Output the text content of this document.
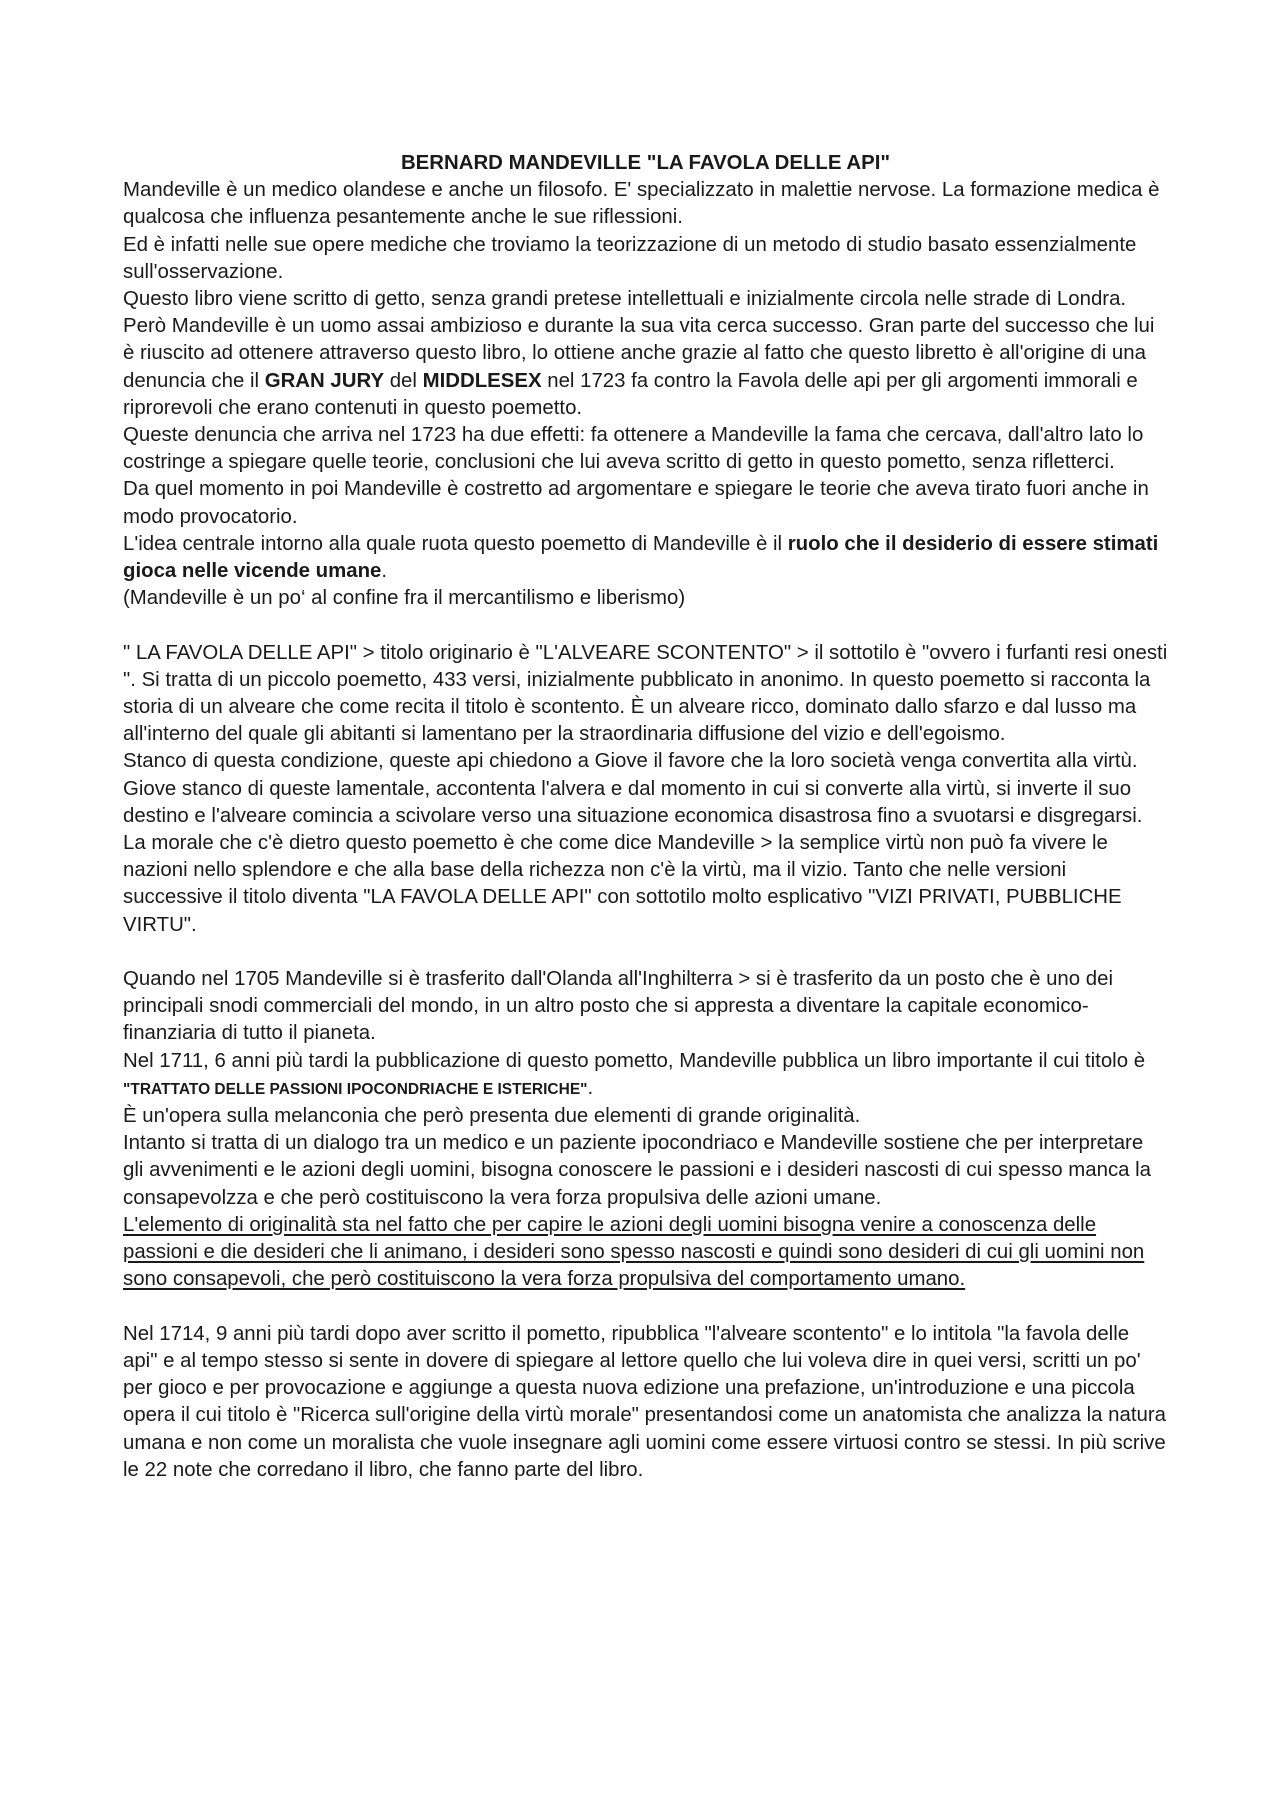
BERNARD MANDEVILLE "LA FAVOLA DELLE API"

Mandeville è un medico olandese e anche un filosofo. E' specializzato in malettie nervose. La formazione medica è qualcosa che influenza pesantemente anche le sue riflessioni.

Ed è infatti nelle sue opere mediche che troviamo la teorizzazione di un metodo di studio basato essenzialmente sull'osservazione.

Questo libro viene scritto di getto, senza grandi pretese intellettuali e inizialmente circola nelle strade di Londra. Però Mandeville è un uomo assai ambizioso e durante la sua vita cerca successo. Gran parte del successo che lui è riuscito ad ottenere attraverso questo libro, lo ottiene anche grazie al fatto che questo libretto è all'origine di una denuncia che il GRAN JURY del MIDDLESEX nel 1723 fa contro la Favola delle api per gli argomenti immorali e riprorevoli che erano contenuti in questo poemetto.

Queste denuncia che arriva nel 1723 ha due effetti: fa ottenere a Mandeville la fama che cercava, dall'altro lato lo costringe a spiegare quelle teorie, conclusioni che lui aveva scritto di getto in questo pometto, senza rifletterci.

Da quel momento in poi Mandeville è costretto ad argomentare e spiegare le teorie che aveva tirato fuori anche in modo provocatorio.

L'idea centrale intorno alla quale ruota questo poemetto di Mandeville è il ruolo che il desiderio di essere stimati gioca nelle vicende umane.

(Mandeville è un po‘ al confine fra il mercantilismo e liberismo)

" LA FAVOLA DELLE API" > titolo originario è "L'ALVEARE SCONTENTO" > il sottotilo è "ovvero i furfanti resi onesti ". Si tratta di un piccolo poemetto, 433 versi, inizialmente pubblicato in anonimo. In questo poemetto si racconta la storia di un alveare che come recita il titolo è scontento. È un alveare ricco, dominato dallo sfarzo e dal lusso ma all'interno del quale gli abitanti si lamentano per la straordinaria diffusione del vizio e dell'egoismo.

Stanco di questa condizione, queste api chiedono a Giove il favore che la loro società venga convertita alla virtù. Giove stanco di queste lamentale, accontenta l'alvera e dal momento in cui si converte alla virtù, si inverte il suo destino e l'alveare comincia a scivolare verso una situazione economica disastrosa fino a svuotarsi e disgregarsi.

La morale che c'è dietro questo poemetto è che come dice Mandeville > la semplice virtù non può fa vivere le nazioni nello splendore e che alla base della richezza non c'è la virtù, ma il vizio. Tanto che nelle versioni successive il titolo diventa "LA FAVOLA DELLE API" con sottotilo molto esplicativo "VIZI PRIVATI, PUBBLICHE VIRTU".

Quando nel 1705 Mandeville si è trasferito dall'Olanda all'Inghilterra > si è trasferito da un posto che è uno dei principali snodi commerciali del mondo, in un altro posto che si appresta a diventare la capitale economico-finanziaria di tutto il pianeta.

Nel 1711, 6 anni più tardi la pubblicazione di questo pometto, Mandeville pubblica un libro importante il cui titolo è "TRATTATO DELLE PASSIONI IPOCONDRIACHE E ISTERICHE".

È un'opera sulla melanconia che però presenta due elementi di grande originalità.

Intanto si tratta di un dialogo tra un medico e un paziente ipocondriaco e Mandeville sostiene che per interpretare gli avvenimenti e le azioni degli uomini, bisogna conoscere le passioni e i desideri nascosti di cui spesso manca la consapevolzza e che però costituiscono la vera forza propulsiva delle azioni umane.

L'elemento di originalità sta nel fatto che per capire le azioni degli uomini bisogna venire a conoscenza delle passioni e die desideri che li animano, i desideri sono spesso nascosti e quindi sono desideri di cui gli uomini non sono consapevoli, che però costituiscono la vera forza propulsiva del comportamento umano.

Nel 1714, 9 anni più tardi dopo aver scritto il pometto, ripubblica "l'alveare scontento" e lo intitola "la favola delle api" e al tempo stesso si sente in dovere di spiegare al lettore quello che lui voleva dire in quei versi, scritti un po' per gioco e per provocazione e aggiunge a questa nuova edizione una prefazione, un'introduzione e una piccola opera il cui titolo è "Ricerca sull'origine della virtù morale" presentandosi come un anatomista che analizza la natura umana e non come un moralista che vuole insegnare agli uomini come essere virtuosi contro se stessi. In più scrive le 22 note che corredano il libro, che fanno parte del libro.
